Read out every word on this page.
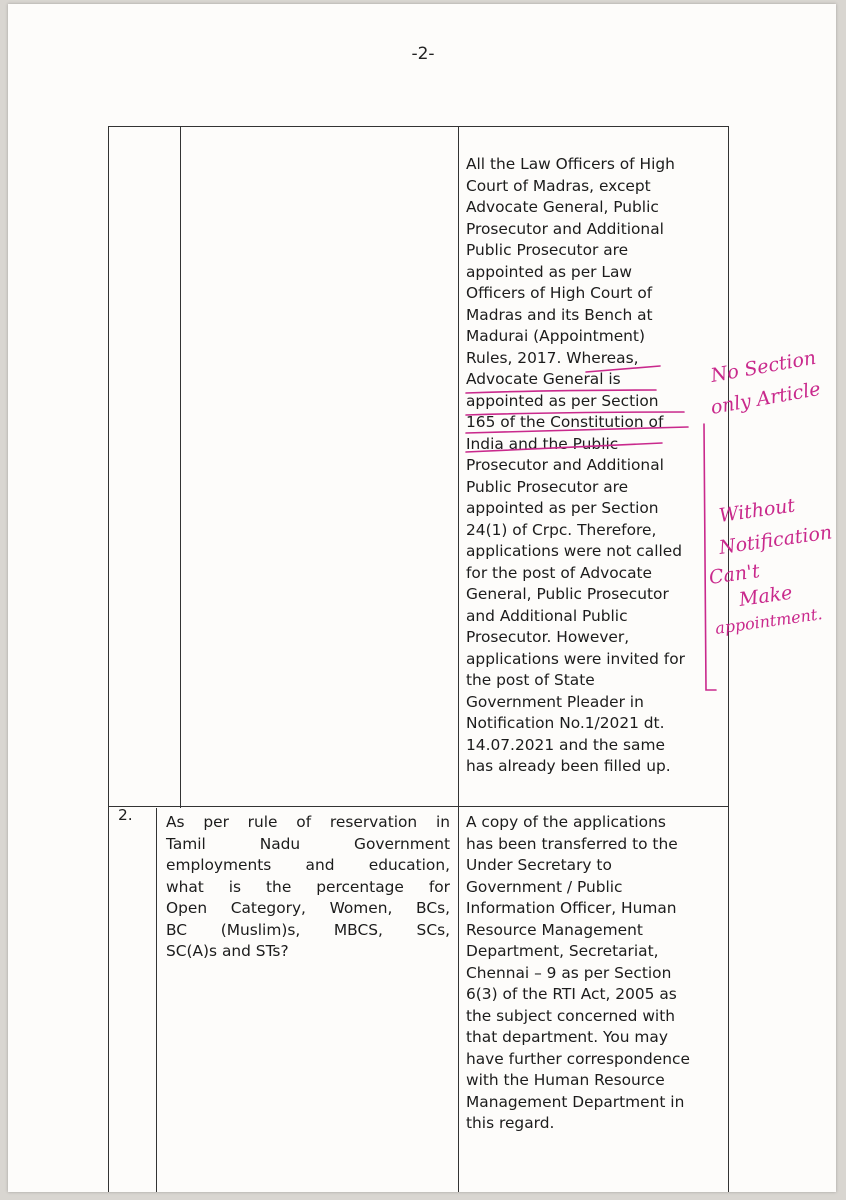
-2-
All the Law Officers of High
Court of Madras, except
Advocate General, Public
Prosecutor and Additional
Public Prosecutor are
appointed as per Law
Officers of High Court of
Madras and its Bench at
Madurai (Appointment)
Rules, 2017. Whereas,
Advocate General is
appointed as per Section
165 of the Constitution of
India and the Public
Prosecutor and Additional
Public Prosecutor are
appointed as per Section
24(1) of Crpc. Therefore,
applications were not called
for the post of Advocate
General, Public Prosecutor
and Additional Public
Prosecutor. However,
applications were invited for
the post of State
Government Pleader in
Notification No.1/2021 dt.
14.07.2021 and the same
has already been filled up.
2. As per rule of reservation in
Tamil Nadu Government
employments and education,
what is the percentage for
Open Category, Women, BCs,
BC (Muslim)s, MBCS, SCs,
SC(A)s and STs?
A copy of the applications
has been transferred to the
Under Secretary to
Government / Public
Information Officer, Human
Resource Management
Department, Secretariat,
Chennai – 9 as per Section
6(3) of the RTI Act, 2005 as
the subject concerned with
that department. You may
have further correspondence
with the Human Resource
Management Department in
this regard.
No Section
only Article
Without
Notification
Can't
Make
appointment.
